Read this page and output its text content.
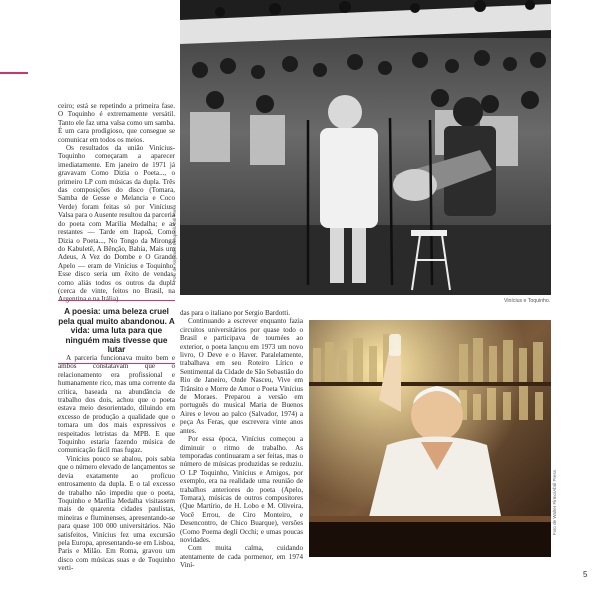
Foto de Alejandro Ezequiel/Abril Press
Vinícius e Toquinho.

ceiro; está se repetindo a primeira fase. O Toquinho é extremamente versátil. Tanto ele faz uma valsa como um samba. É um cara prodigioso, que consegue se comunicar em todos os meios.

Os resultados da união Vinícius-Toquinho começaram a aparecer imediatamente. Em janeiro de 1971 já gravavam Como Dizia o Poeta..., o primeiro LP com músicas da dupla. Três das composições do disco (Tomara, Samba de Gesse e Melancia e Coco Verde) foram feitas só por Vinícius; Valsa para o Ausente resultou da parceria do poeta com Marília Medalha; e as restantes — Tarde em Itapoã, Como Dizia o Poeta..., No Tongo da Mironga do Kabuletê, A Bênção, Bahia, Mais um Adeus, A Vez do Dombe e O Grande Apelo — eram de Vinícius e Toquinho. Esse disco seria um êxito de vendas, como aliás todos os outros da dupla (cerca de vinte, feitos no Brasil, na Argentina e na Itália).

A poesia: uma beleza cruel pela qual muito abandonou. A vida: uma luta para que ninguém mais tivesse que lutar

A parceria funcionava muito bem e ambos constatavam que o relacionamento era profissional e humanamente rico, mas uma corrente da crítica, baseada na abundância de trabalho dos dois, achou que o poeta estava meio desorientado, diluindo em excesso de produção a qualidade que o tornara um dos mais expressivos e respeitados letristas da MPB. E que Toquinho estaria fazendo música de comunicação fácil mas fugaz.

Vinícius pouco se abalou, pois sabia que o número elevado de lançamentos se devia exatamente ao profícuo entrosamento da dupla. E o tal excesso de trabalho não impediu que o poeta, Toquinho e Marília Medalha visitassem mais de quarenta cidades paulistas, mineiras e fluminenses, apresentando-se para quase 100 000 universitários. Não satisfeitos, Vinícius fez uma excursão pela Europa, apresentando-se em Lisboa, Paris e Milão. Em Roma, gravou um disco com músicas suas e de Toquinho verti-

das para o italiano por Sergio Bardotti.

Continuando a escrever enquanto fazia circuitos universitários por quase todo o Brasil e participava de tournées ao exterior, o poeta lançou em 1973 um novo livro, O Deve e o Haver. Paralelamente, trabalhava em seu Roteiro Lírico e Sentimental da Cidade de São Sebastião do Rio de Janeiro, Onde Nasceu, Vive em Trânsito e Morre de Amor o Poeta Vinícius de Moraes. Preparou a versão em português do musical Maria de Buenos Aires e levou ao palco (Salvador, 1974) a peça As Feras, que escrevera vinte anos antes.

Por essa época, Vinícius começou a diminuir o ritmo de trabalho. As temporadas continuaram a ser feitas, mas o número de músicas produzidas se reduziu. O LP Toquinho, Vinícius e Amigos, por exemplo, era na realidade uma reunião de trabalhos anteriores do poeta (Apelo, Tomara), músicas de outros compositores (Que Martírio, de H. Lobo e M. Oliveira, Você Errou, de Ciro Monteiro, e Desencontro, de Chico Buarque), versões (Como Poema deglí Occhi; e umas poucas novidades.

Com muita calma, cuidando atentamente de cada pormenor, em 1974 Viní-

Foto de Walter Firmo/Abril Press
5
